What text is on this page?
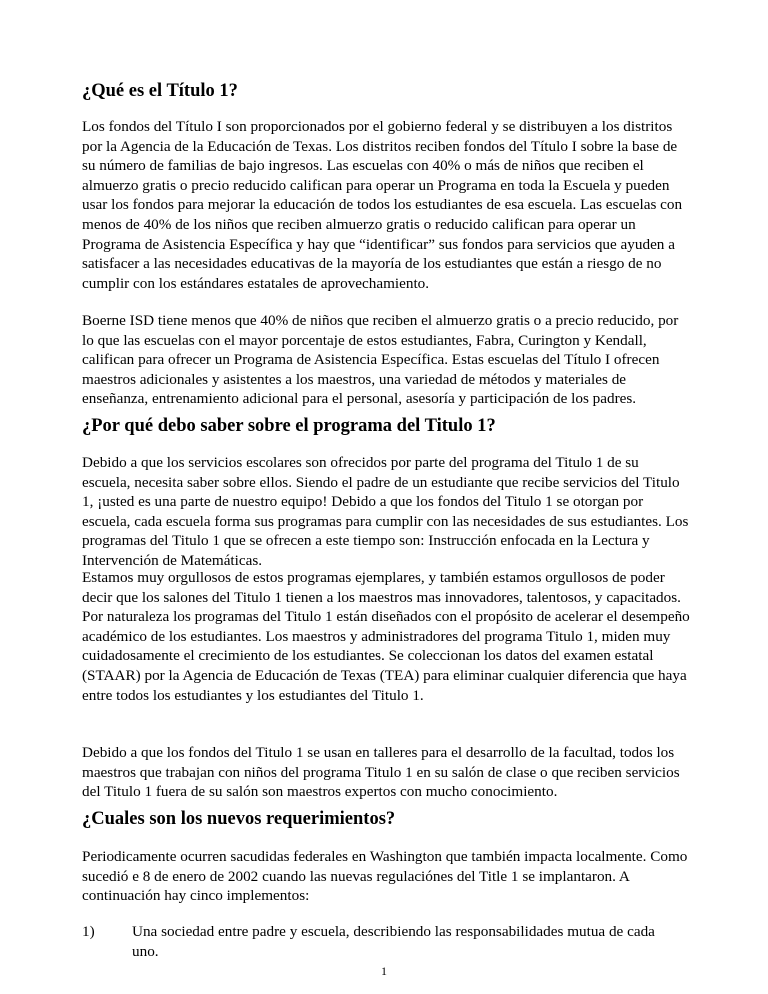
¿Qué es el Título 1?

Los fondos del Título I son proporcionados por el gobierno federal y se distribuyen a los distritos por la Agencia de la Educación de Texas. Los distritos reciben fondos del Título I sobre la base de su número de familias de bajo ingresos. Las escuelas con 40% o más de niños que reciben el almuerzo gratis o precio reducido califican para operar un Programa en toda la Escuela y pueden usar los fondos para mejorar la educación de todos los estudiantes de esa escuela. Las escuelas con menos de 40% de los niños que reciben almuerzo gratis o reducido califican para operar un Programa de Asistencia Específica y hay que “identificar” sus fondos para servicios que ayuden a satisfacer a las necesidades educativas de la mayoría de los estudiantes que están a riesgo de no cumplir con los estándares estatales de aprovechamiento.

Boerne ISD tiene menos que 40% de niños que reciben el almuerzo gratis o a precio reducido, por lo que las escuelas con el mayor porcentaje de estos estudiantes, Fabra, Curington y Kendall, califican para ofrecer un Programa de Asistencia Específica. Estas escuelas del Título I ofrecen maestros adicionales y asistentes a los maestros, una variedad de métodos y materiales de enseñanza, entrenamiento adicional para el personal, asesoría y participación de los padres.

¿Por qué debo saber sobre el programa del Titulo 1?

Debido a que los servicios escolares son ofrecidos por parte del programa del Titulo 1 de su escuela, necesita saber sobre ellos. Siendo el padre de un estudiante que recibe servicios del Titulo 1, ¡usted es una parte de nuestro equipo! Debido a que los fondos del Titulo 1 se otorgan por escuela, cada escuela forma sus programas para cumplir con las necesidades de sus estudiantes. Los programas del Titulo 1 que se ofrecen a este tiempo son: Instrucción enfocada en la Lectura y Intervención de Matemáticas.

Estamos muy orgullosos de estos programas ejemplares, y también estamos orgullosos de poder decir que los salones del Titulo 1 tienen a los maestros mas innovadores, talentosos, y capacitados. Por naturaleza los programas del Titulo 1 están diseñados con el propósito de acelerar el desempeño académico de los estudiantes. Los maestros y administradores del programa Titulo 1, miden muy cuidadosamente el crecimiento de los estudiantes. Se coleccionan los datos del examen estatal (STAAR) por la Agencia de Educación de Texas (TEA) para eliminar cualquier diferencia que haya entre todos los estudiantes y los estudiantes del Titulo 1.

Debido a que los fondos del Titulo 1 se usan en talleres para el desarrollo de la facultad, todos los maestros que trabajan con niños del programa Titulo 1 en su salón de clase o que reciben servicios del Titulo 1 fuera de su salón son maestros expertos con mucho conocimiento.

¿Cuales son los nuevos requerimientos?

Periodicamente ocurren sacudidas federales en Washington que también impacta localmente. Como sucedió e 8 de enero de 2002 cuando las nuevas regulaciónes del Title 1 se implantaron. A continuación hay cinco implementos:

1) Una sociedad entre padre y escuela, describiendo las responsabilidades mutua de cada uno.
1
